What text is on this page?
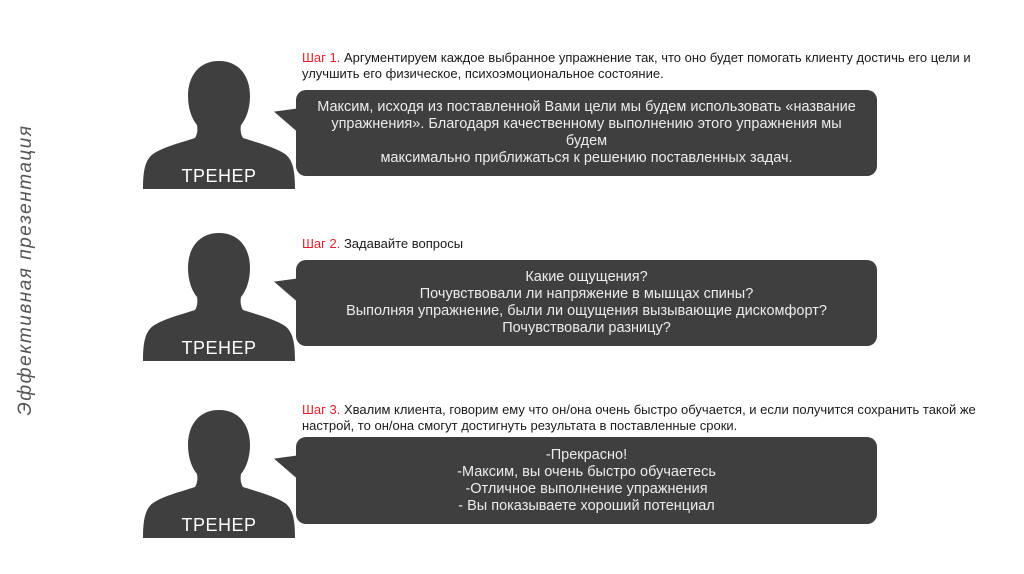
Эффективная презентация	ТРЕНЕР
Шаг 1. Аргументируем каждое выбранное упражнение так, что оно будет помогать клиенту достичь его цели и улучшить его физическое, психоэмоциональное состояние.
Максим, исходя из поставленной Вами цели мы будем использовать «название
упражнения». Благодаря качественному выполнению этого упражнения мы будем
максимально приближаться к решению поставленных задач.
ТРЕНЕР
Шаг 2. Задавайте вопросы
Какие ощущения?
Почувствовали ли напряжение в мышцах спины?
Выполняя упражнение, были ли ощущения вызывающие дискомфорт?
Почувствовали разницу?
ТРЕНЕР
Шаг 3. Хвалим клиента, говорим ему что он/она очень быстро обучается, и если получится сохранить такой же настрой, то он/она смогут достигнуть результата в поставленные сроки.
-Прекрасно!
-Максим, вы очень быстро обучаетесь
-Отличное выполнение упражнения
- Вы показываете хороший потенциал
